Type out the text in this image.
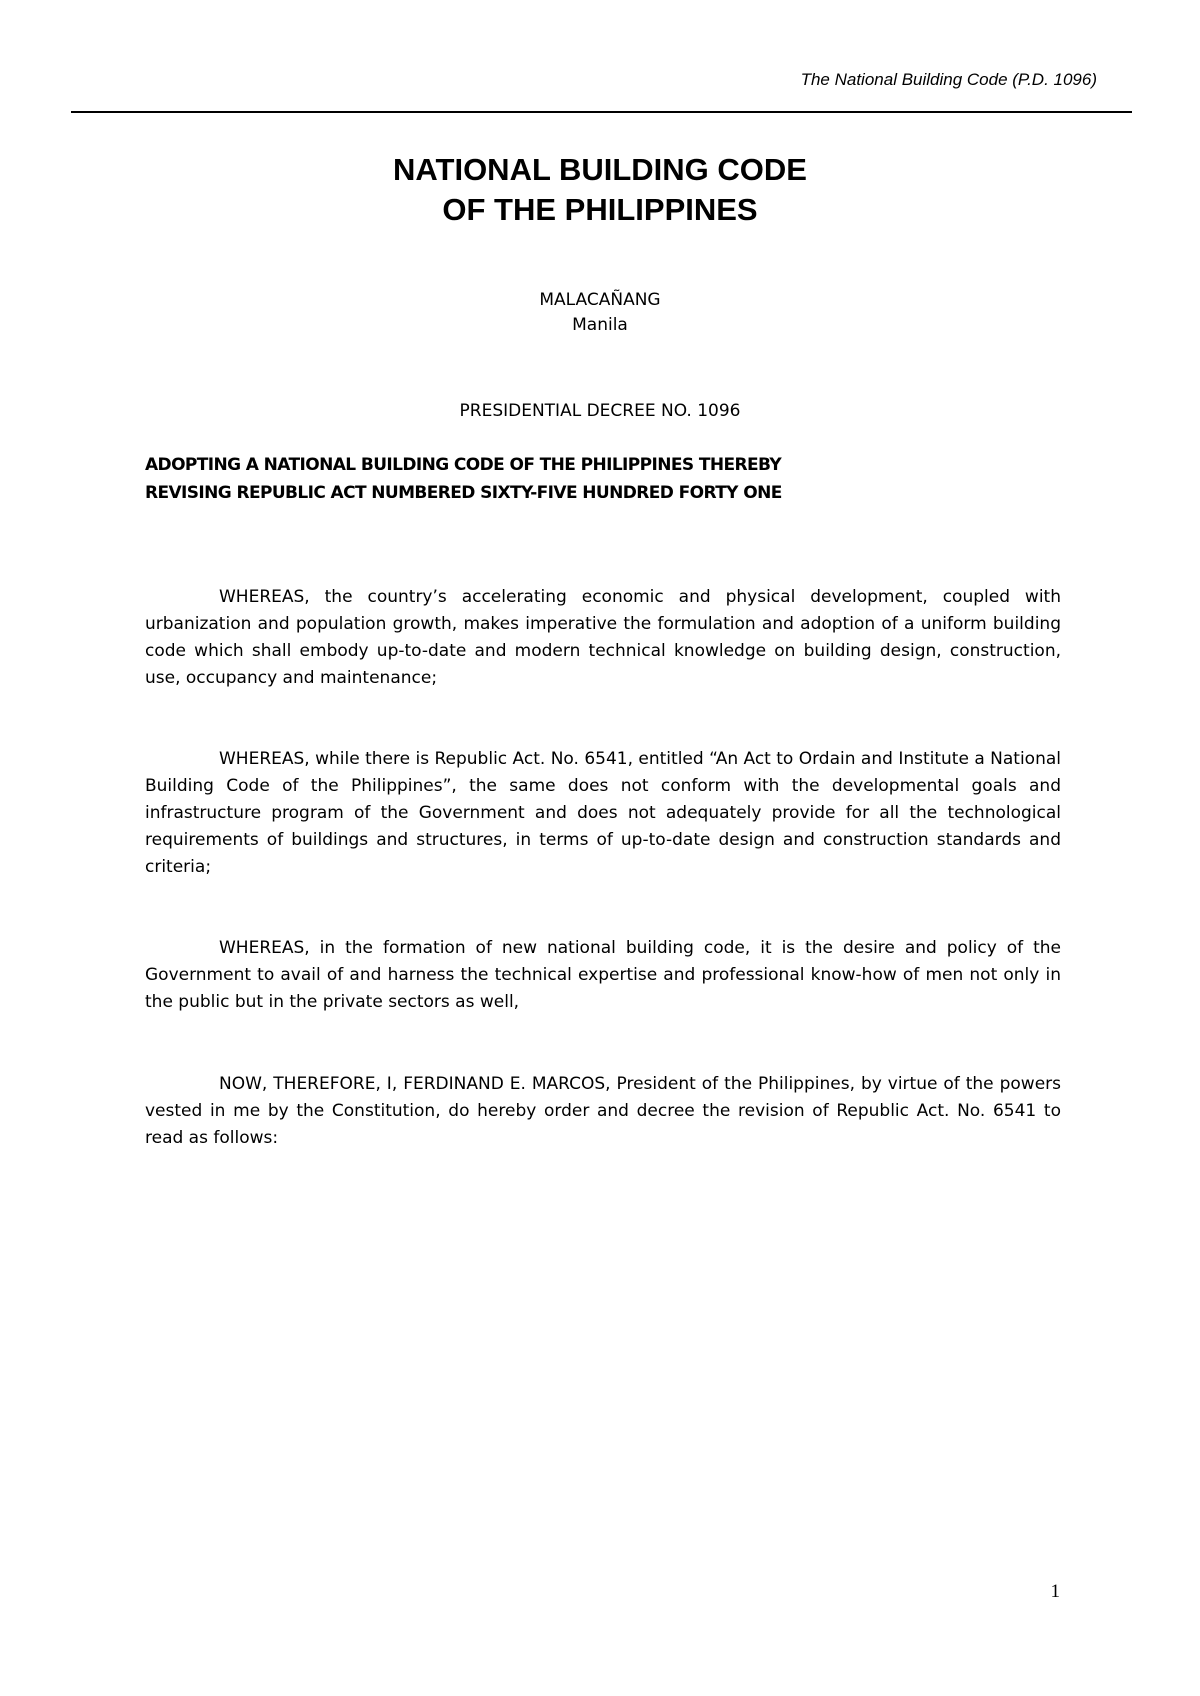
The National Building Code (P.D. 1096)

NATIONAL BUILDING CODE
OF THE PHILIPPINES
MALACAÑANG
Manila

PRESIDENTIAL DECREE NO. 1096

ADOPTING A NATIONAL BUILDING CODE OF THE PHILIPPINES THEREBY
REVISING REPUBLIC ACT NUMBERED SIXTY-FIVE HUNDRED FORTY ONE

WHEREAS, the country’s accelerating economic and physical development, coupled with urbanization and population growth, makes imperative the formulation and adoption of a uniform building code which shall embody up-to-date and modern technical knowledge on building design, construction, use, occupancy and maintenance;

WHEREAS, while there is Republic Act. No. 6541, entitled “An Act to Ordain and Institute a National Building Code of the Philippines”, the same does not conform with the developmental goals and infrastructure program of the Government and does not adequately provide for all the technological requirements of buildings and structures, in terms of up-to-date design and construction standards and criteria;

WHEREAS, in the formation of new national building code, it is the desire and policy of the Government to avail of and harness the technical expertise and professional know-how of men not only in the public but in the private sectors as well,

NOW, THEREFORE, I, FERDINAND E. MARCOS, President of the Philippines, by virtue of the powers vested in me by the Constitution, do hereby order and decree the revision of Republic Act. No. 6541 to read as follows:

1
